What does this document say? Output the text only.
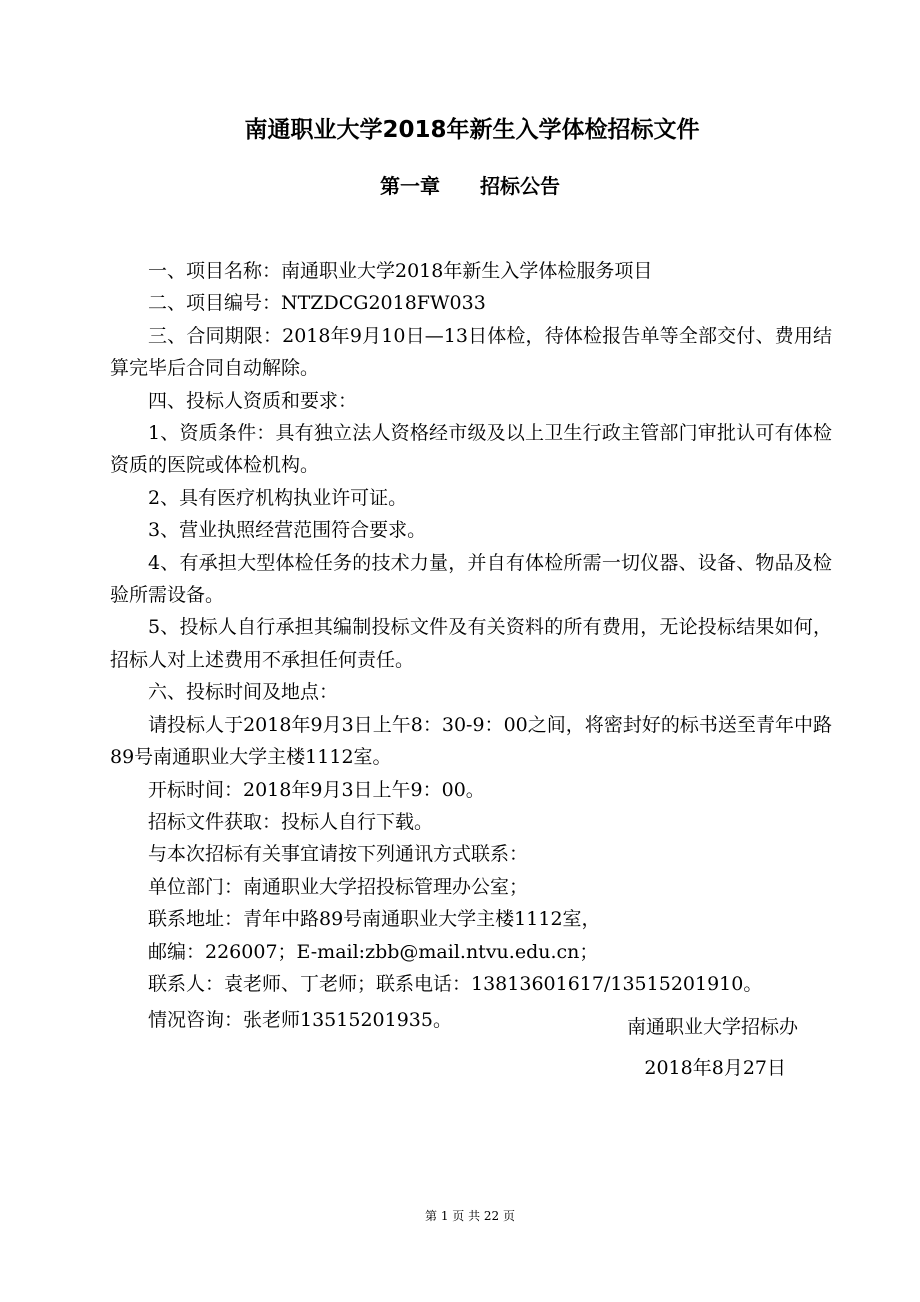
南通职业大学2018年新生入学体检招标文件
第一章　　招标公告

一、项目名称：南通职业大学2018年新生入学体检服务项目

二、项目编号：NTZDCG2018FW033

三、合同期限：2018年9月10日—13日体检，待体检报告单等全部交付、费用结算完毕后合同自动解除。

四、投标人资质和要求：

1、资质条件：具有独立法人资格经市级及以上卫生行政主管部门审批认可有体检资质的医院或体检机构。

2、具有医疗机构执业许可证。

3、营业执照经营范围符合要求。

4、有承担大型体检任务的技术力量，并自有体检所需一切仪器、设备、物品及检验所需设备。

5、投标人自行承担其编制投标文件及有关资料的所有费用，无论投标结果如何，招标人对上述费用不承担任何责任。

六、投标时间及地点：

请投标人于2018年9月3日上午8：30-9：00之间，将密封好的标书送至青年中路89号南通职业大学主楼1112室。

开标时间：2018年9月3日上午9：00。

招标文件获取：投标人自行下载。

与本次招标有关事宜请按下列通讯方式联系：

单位部门：南通职业大学招投标管理办公室；

联系地址：青年中路89号南通职业大学主楼1112室，

邮编：226007；E-mail:zbb@mail.ntvu.edu.cn；

联系人：袁老师、丁老师；联系电话：13813601617/13515201910。

情况咨询：张老师13515201935。	南通职业大学招标办
2018年8月27日
第 1 页 共 22 页
